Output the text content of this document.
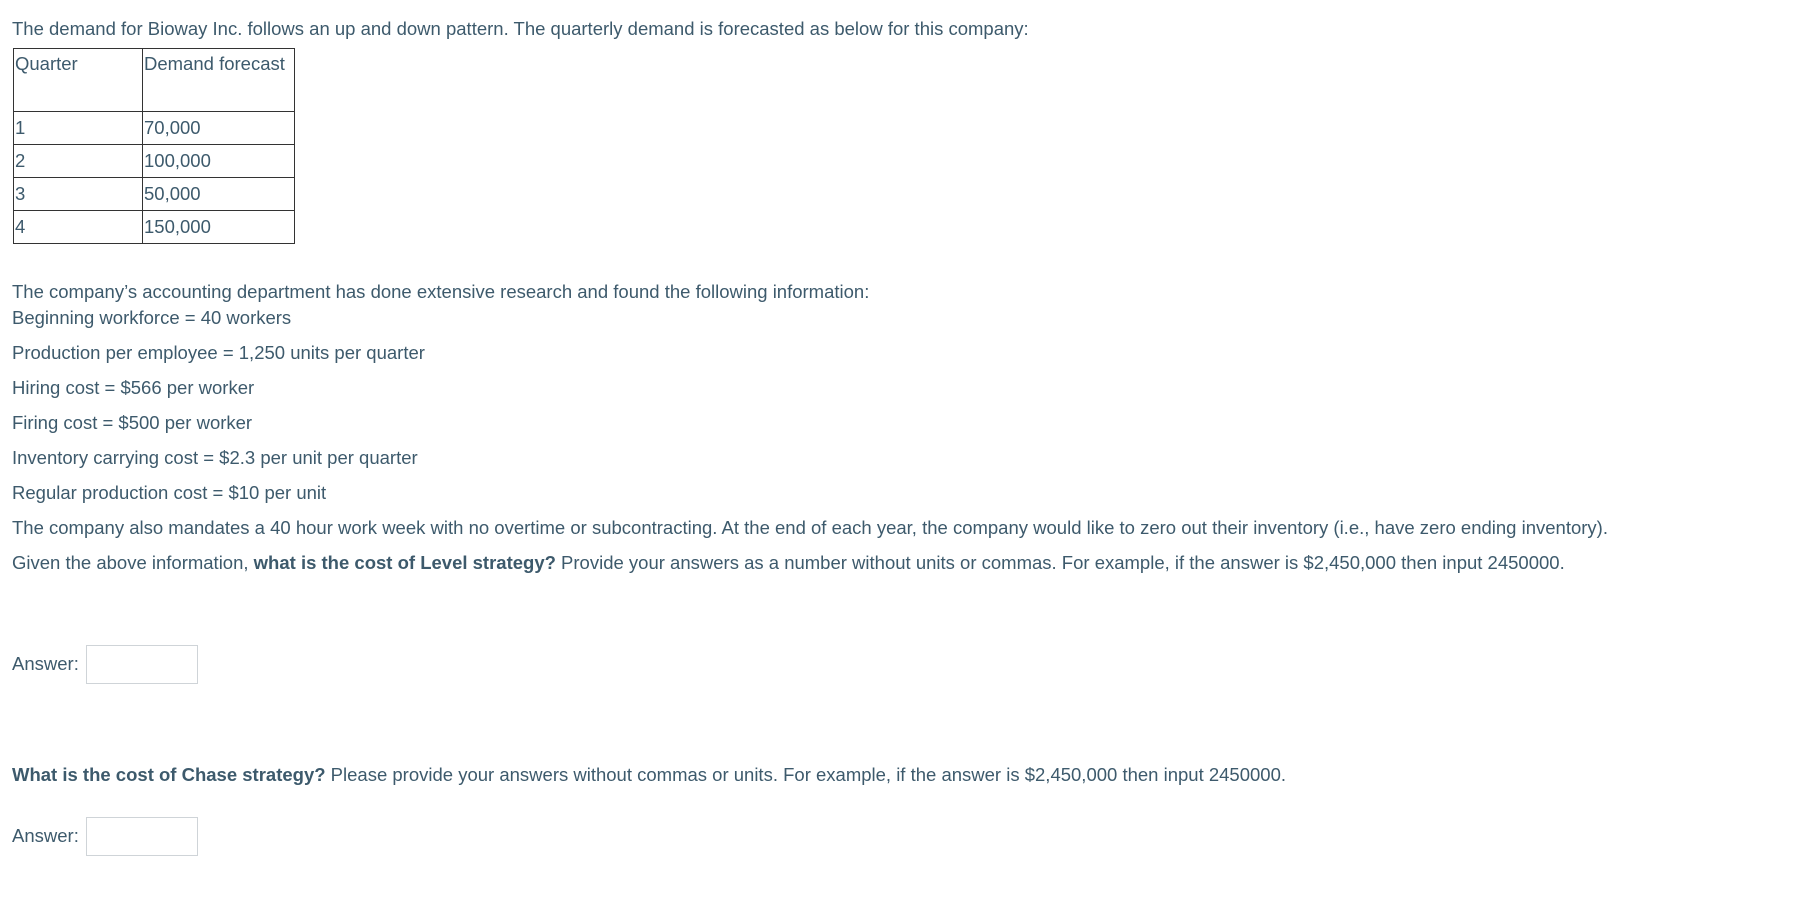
The demand for Bioway Inc. follows an up and down pattern. The quarterly demand is forecasted as below for this company:

Quarter	Demand forecast

1	70,000

2	100,000

3	50,000

4	150,000

The company’s accounting department has done extensive research and found the following information:

Beginning workforce = 40 workers

Production per employee = 1,250 units per quarter

Hiring cost = $566 per worker

Firing cost = $500 per worker

Inventory carrying cost = $2.3 per unit per quarter

Regular production cost = $10 per unit

The company also mandates a 40 hour work week with no overtime or subcontracting. At the end of each year, the company would like to zero out their inventory (i.e., have zero ending inventory).

Given the above information, what is the cost of Level strategy? Provide your answers as a number without units or commas. For example, if the answer is $2,450,000 then input 2450000.

Answer:

What is the cost of Chase strategy? Please provide your answers without commas or units. For example, if the answer is $2,450,000 then input 2450000.

Answer:
